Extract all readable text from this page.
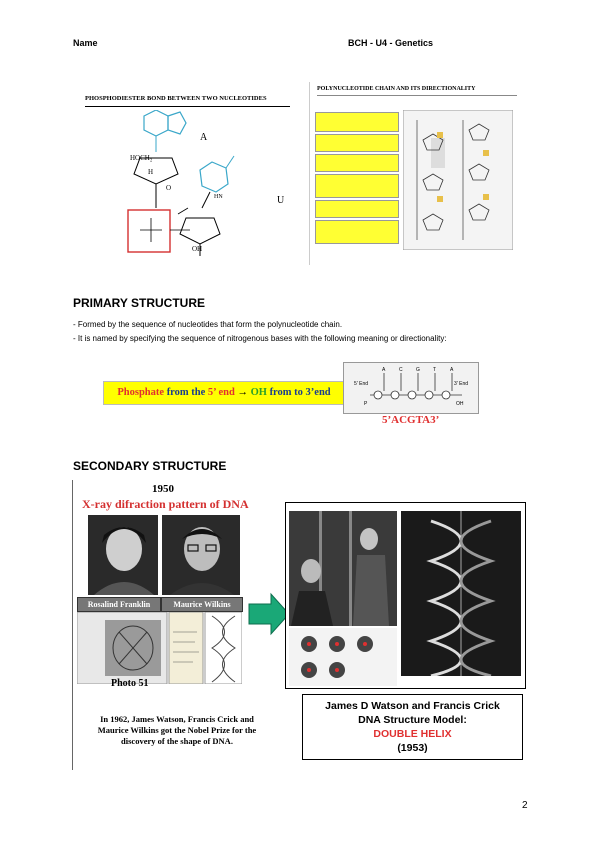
Name	BCH - U4 - Genetics
PHOSPHODIESTER BOND BETWEEN TWO NUCLEOTIDES
A
HOCH₂
H
O
U
HN
OH
POLYNUCLEOTIDE CHAIN AND ITS DIRECTIONALITY
PRIMARY STRUCTURE
- Formed by the sequence of nucleotides that form the polynucleotide chain.
- It is named by specifying the sequence of nitrogenous bases with the following meaning or directionality:
Phosphate from the 5’ end → OH from to 3’end
5' End	3' End
A	C	G	T	A
P	OH
5’ACGTA3’
SECONDARY STRUCTURE
1950
X-ray difraction pattern of DNA
Rosalind Franklin	Maurice Wilkins
Photo 51
In 1962, James Watson, Francis Crick and Maurice Wilkins got the Nobel Prize for the discovery of the shape of DNA.
James D Watson and Francis Crick
DNA Structure Model:
DOUBLE HELIX
(1953)
2
